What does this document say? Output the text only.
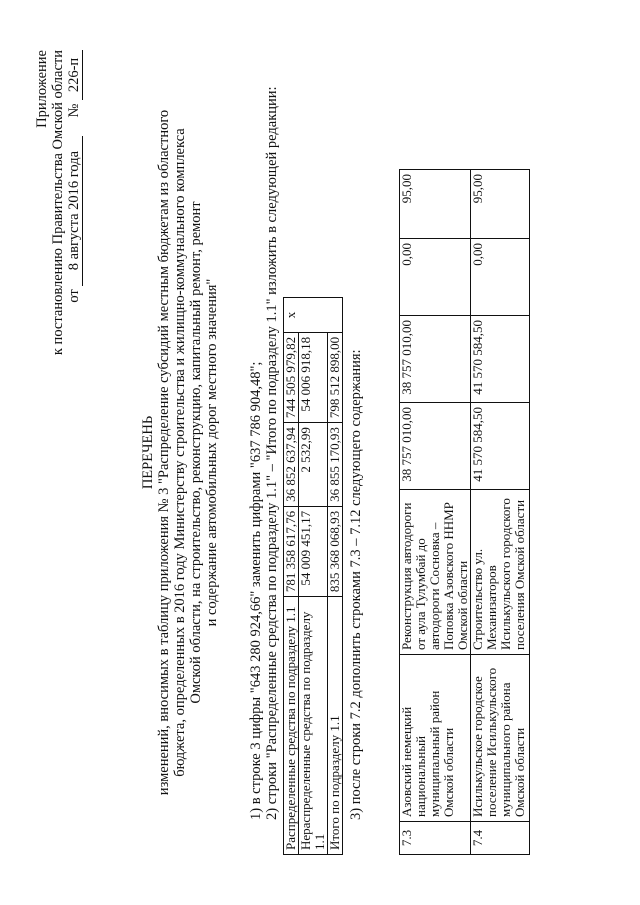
Приложение к постановлению Правительства Омской области от 8 августа 2016 года     № 226-п
ПЕРЕЧЕНЬ изменений, вносимых в таблицу приложения № 3 "Распределение субсидий местным бюджетам из областного бюджета, определенных в 2016 году Министерству строительства и жилищно-коммунального комплекса Омской области, на строительство, реконструкцию, капитальный ремонт, ремонт и содержание автомобильных дорог местного значения" 1) в строке 3 цифры "643 280 924,66" заменить цифрами "637 786 904,48"; 2) строки "Распределенные средства по подразделу 1.1" – "Итого по подразделу 1.1" изложить в следующей редакции: Распределенные средства по подразделу 1.1	781 358 617,76	36 852 637,94	744 505 979,82	x
Нераспределенные средства по подразделу 1.1	54 009 451,17	2 532,99	54 006 918,18	
Итого по подразделу 1.1	835 368 068,93	36 855 170,93	798 512 898,00	3) после строки 7.2 дополнить строками 7.3 – 7.12 следующего содержания:
7.3	Азовский немецкий национальный муниципальный район Омской области	Реконструкция автодороги от аула Тулумбай до автодороги Сосновка – Поповка Азовского ННМР Омской области	38 757 010,00	38 757 010,00	0,00	95,00
7.4	Исилькульское городское поселение Исилькульского муниципального района Омской области	Строительство ул. Механизаторов Исилькульского городского поселения Омской области	41 570 584,50	41 570 584,50	0,00	95,00
